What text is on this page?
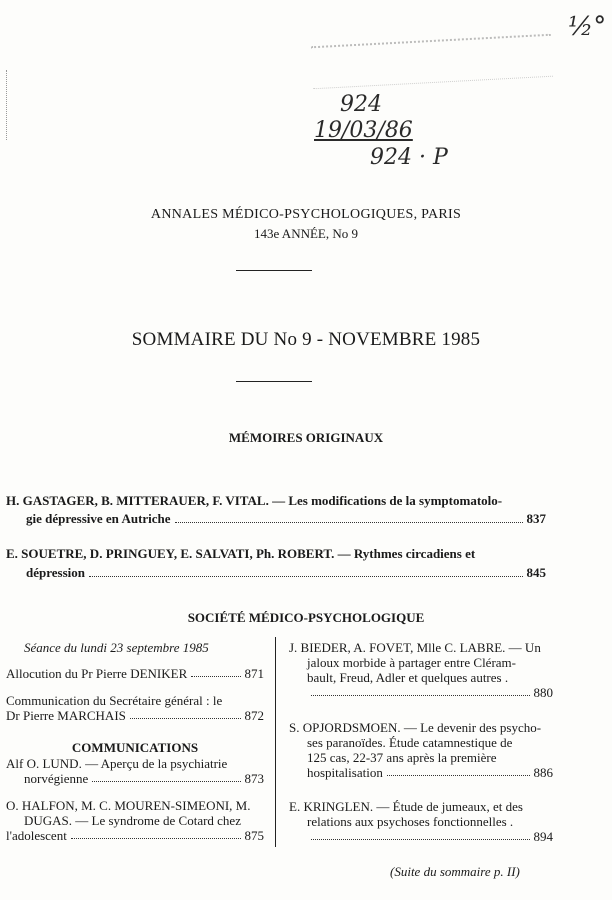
½°
924
19/03/86
924 · P
ANNALES MÉDICO-PSYCHOLOGIQUES, PARIS
143e ANNÉE, No 9
SOMMAIRE DU No 9 - NOVEMBRE 1985
MÉMOIRES ORIGINAUX
H. GASTAGER, B. MITTERAUER, F. VITAL. — Les modifications de la symptomatolo-
gie dépressive en Autriche	837
E. SOUETRE, D. PRINGUEY, E. SALVATI, Ph. ROBERT. — Rythmes circadiens et
dépression	845
SOCIÉTÉ MÉDICO-PSYCHOLOGIQUE
Séance du lundi 23 septembre 1985
Allocution du Pr Pierre DENIKER	871
Communication du Secrétaire général : le
Dr Pierre MARCHAIS	872
COMMUNICATIONS
Alf O. LUND. — Aperçu de la psychiatrie
norvégienne	873
O. HALFON, M. C. MOUREN-SIMEONI, M.
DUGAS. — Le syndrome de Cotard chez
l'adolescent	875
J. BIEDER, A. FOVET, Mlle C. LABRE. — Un
jaloux morbide à partager entre Cléram-
bault, Freud, Adler et quelques autres .
880
S. OPJORDSMOEN. — Le devenir des psycho-
ses paranoïdes. Étude catamnestique de
125 cas, 22-37 ans après la première
hospitalisation	886
E. KRINGLEN. — Étude de jumeaux, et des
relations aux psychoses fonctionnelles .
894
(Suite du sommaire p. II)
